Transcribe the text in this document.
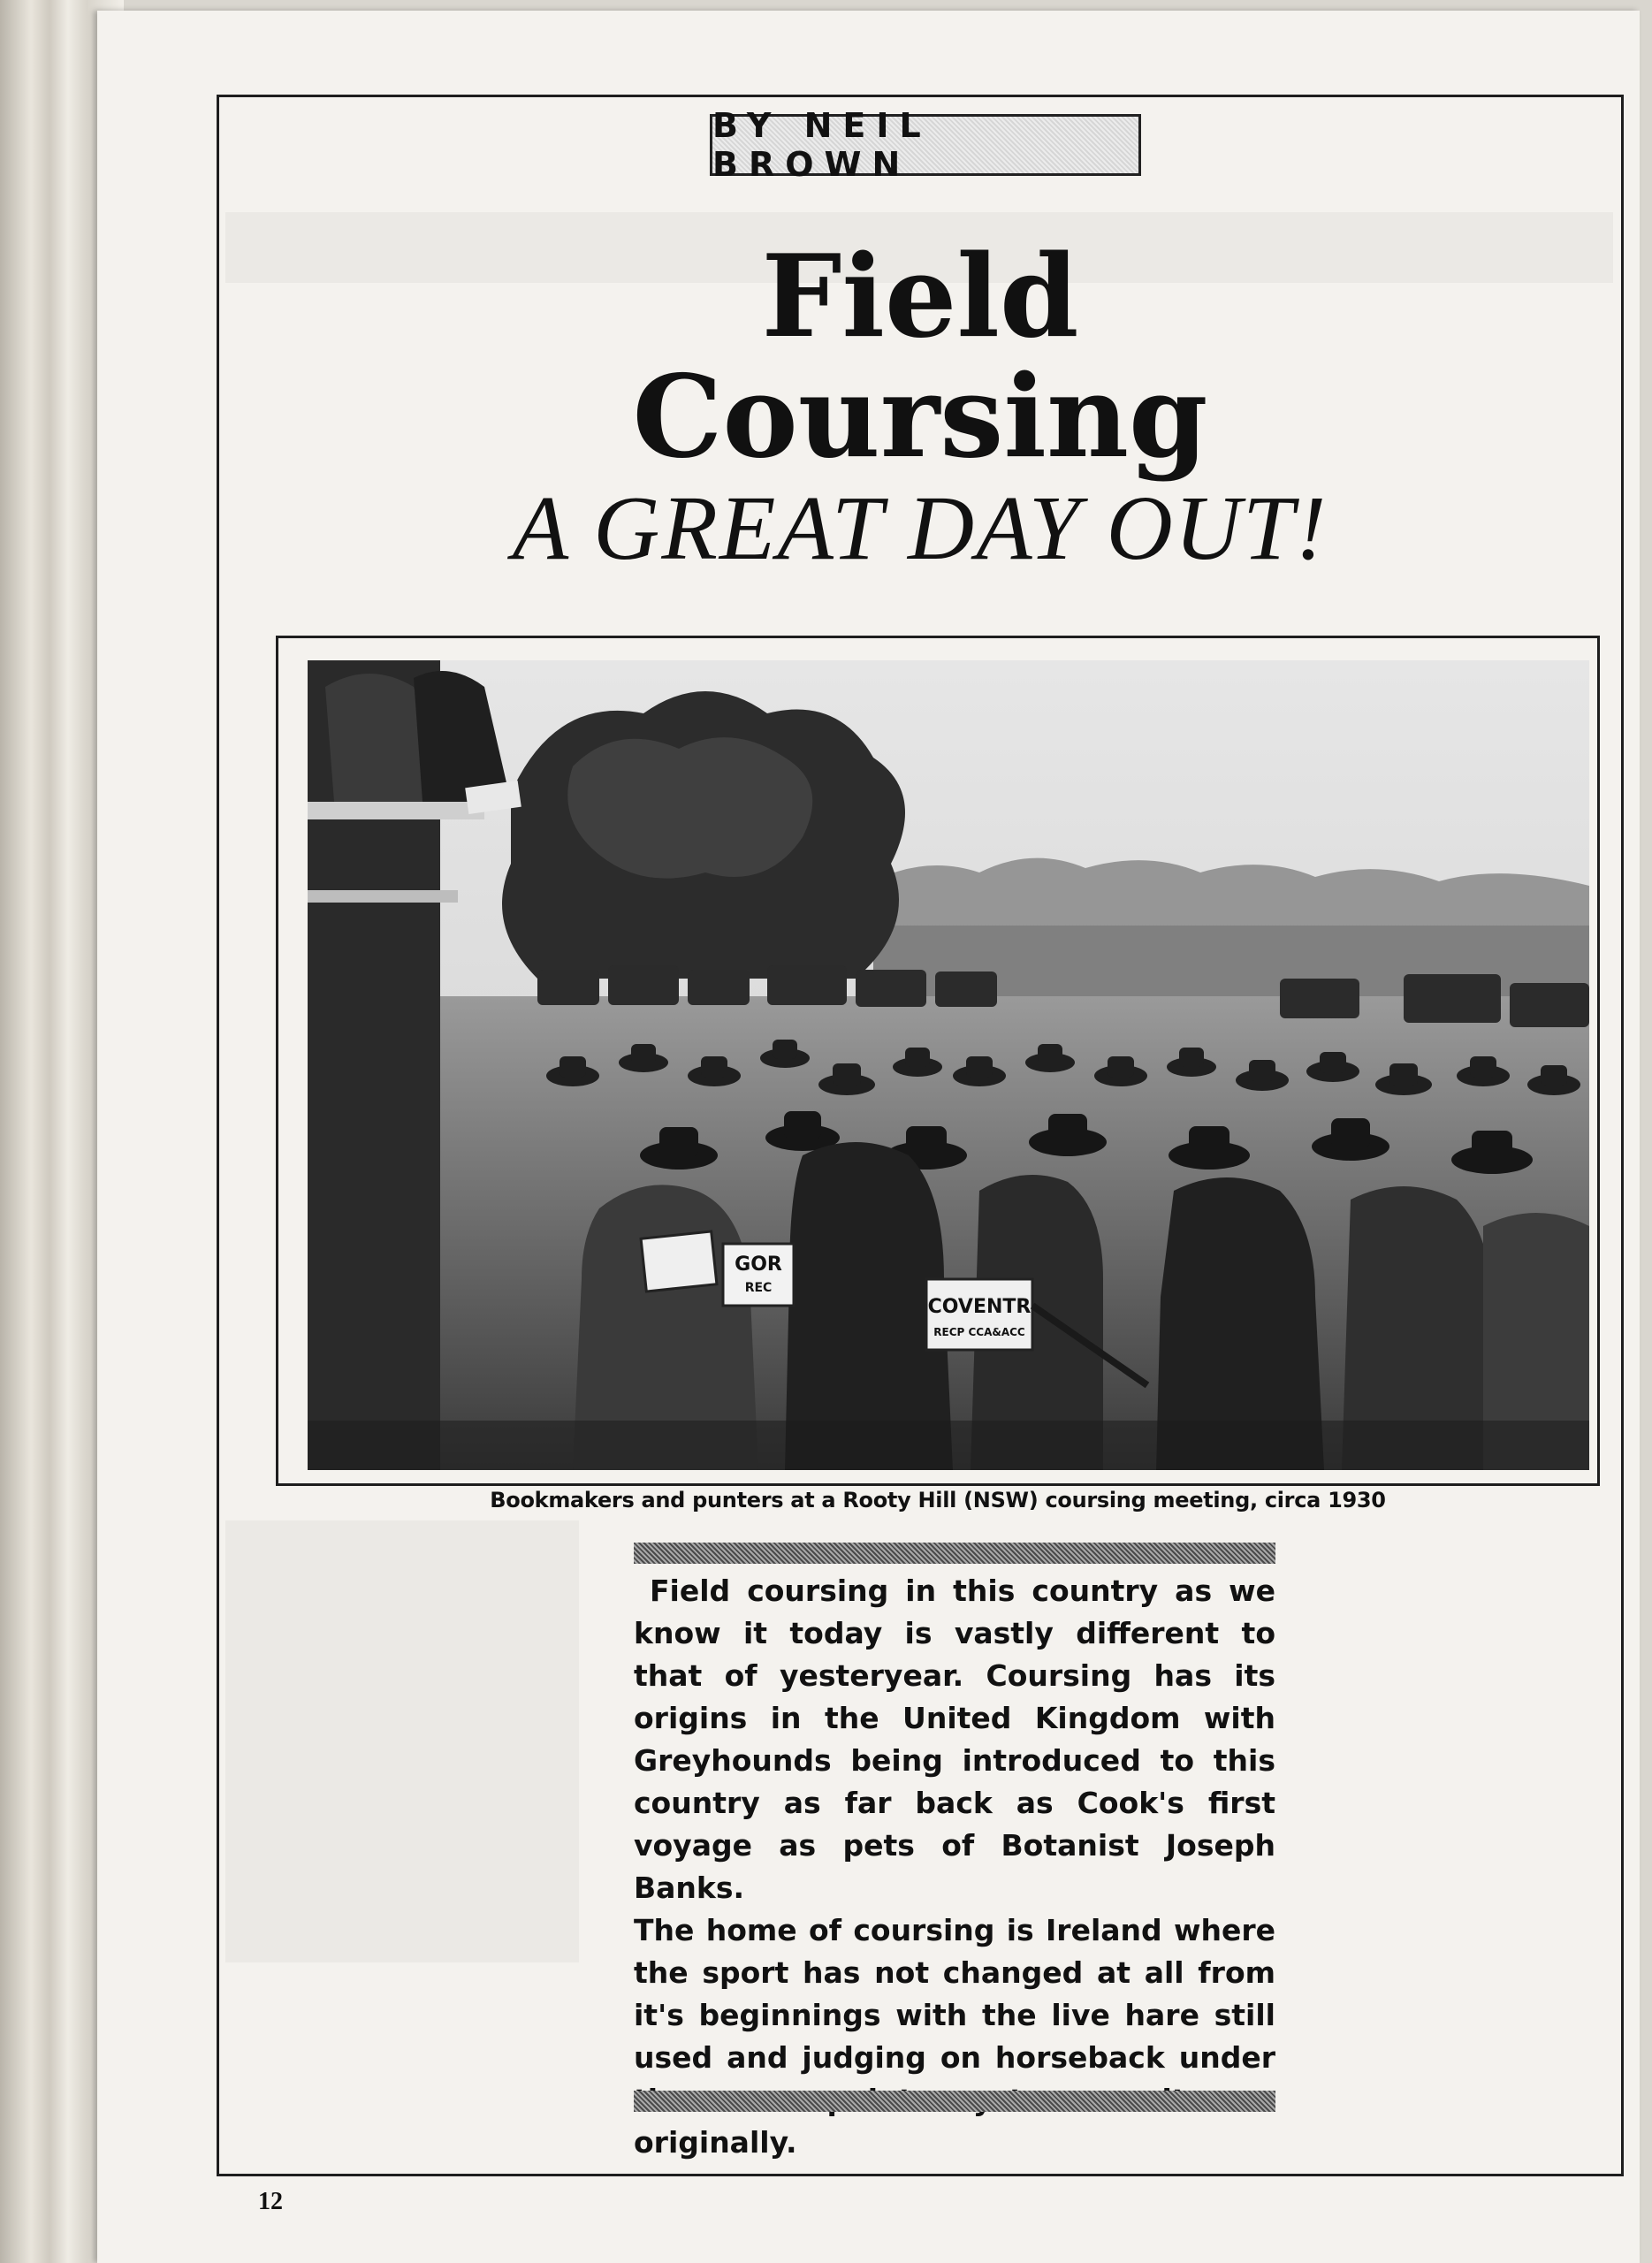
BY NEIL BROWN
Field
Coursing
A GREAT DAY OUT!
GOR
REC
COVENTR
RECP CCA&ACC
Bookmakers and punters at a Rooty Hill (NSW) coursing meeting, circa 1930

Field coursing in this country as we know it today is vastly different to that of yesteryear. Coursing has its origins in the United Kingdom with Greyhounds being introduced to this country as far back as Cook's first voyage as pets of Botanist Joseph Banks.

The home of coursing is Ireland where the sport has not changed at all from it's beginnings with the live hare still used and judging on horseback under originally.

12
